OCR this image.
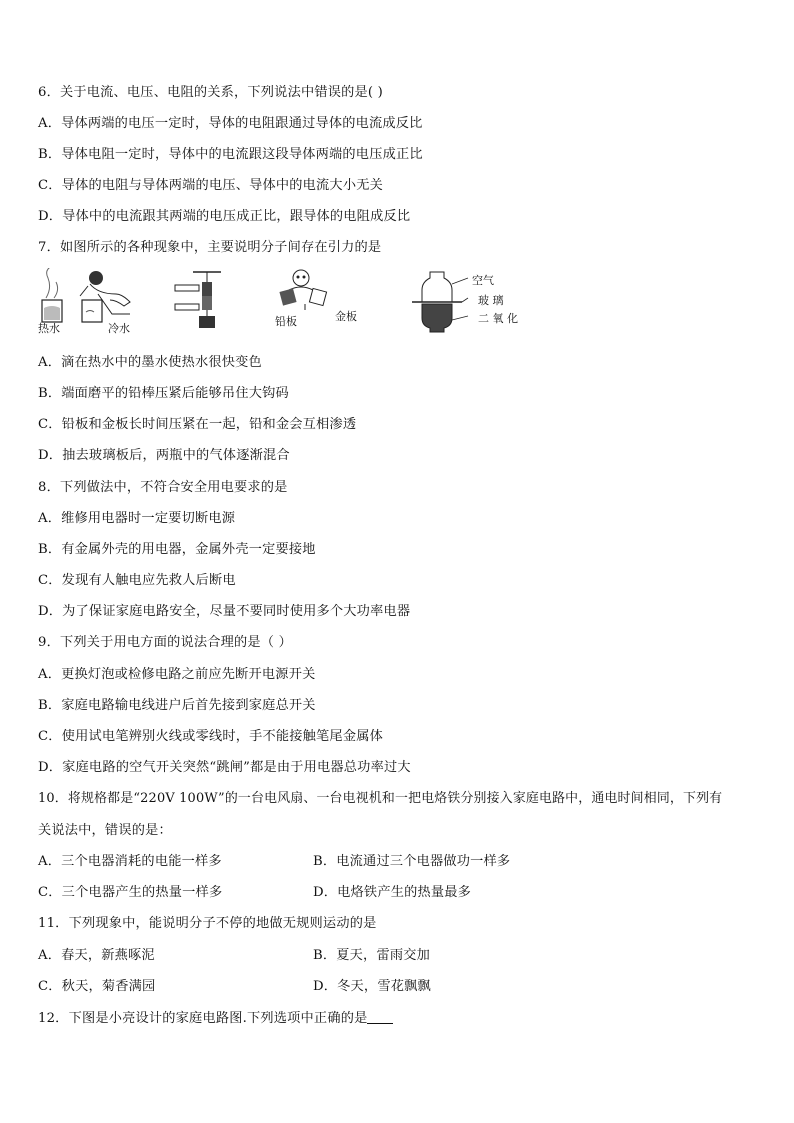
6．关于电流、电压、电阻的关系，下列说法中错误的是( )
A．导体两端的电压一定时，导体的电阻跟通过导体的电流成反比
B．导体电阻一定时，导体中的电流跟这段导体两端的电压成正比
C．导体的电阻与导体两端的电压、导体中的电流大小无关
D．导体中的电流跟其两端的电压成正比，跟导体的电阻成反比
7．如图所示的各种现象中，主要说明分子间存在引力的是
热水	冷水
铅板	金板
空气
玻 璃
二 氧 化
A．滴在热水中的墨水使热水很快变色
B．端面磨平的铅棒压紧后能够吊住大钩码
C．铅板和金板长时间压紧在一起，铅和金会互相渗透
D．抽去玻璃板后，两瓶中的气体逐渐混合
8．下列做法中，不符合安全用电要求的是
A．维修用电器时一定要切断电源
B．有金属外壳的用电器，金属外壳一定要接地
C．发现有人触电应先救人后断电
D．为了保证家庭电路安全，尽量不要同时使用多个大功率电器
9．下列关于用电方面的说法合理的是（ ）
A．更换灯泡或检修电路之前应先断开电源开关
B．家庭电路输电线进户后首先接到家庭总开关
C．使用试电笔辨别火线或零线时，手不能接触笔尾金属体
D．家庭电路的空气开关突然“跳闸”都是由于用电器总功率过大
10．将规格都是“220V 100W”的一台电风扇、一台电视机和一把电烙铁分别接入家庭电路中，通电时间相同，下列有
关说法中，错误的是：
A．三个电器消耗的电能一样多	B．电流通过三个电器做功一样多
C．三个电器产生的热量一样多	D．电烙铁产生的热量最多
11．下列现象中，能说明分子不停的地做无规则运动的是
A．春天，新燕啄泥	B．夏天，雷雨交加
C．秋天，菊香满园	D．冬天，雪花飘飘
12．下图是小亮设计的家庭电路图.下列选项中正确的是
